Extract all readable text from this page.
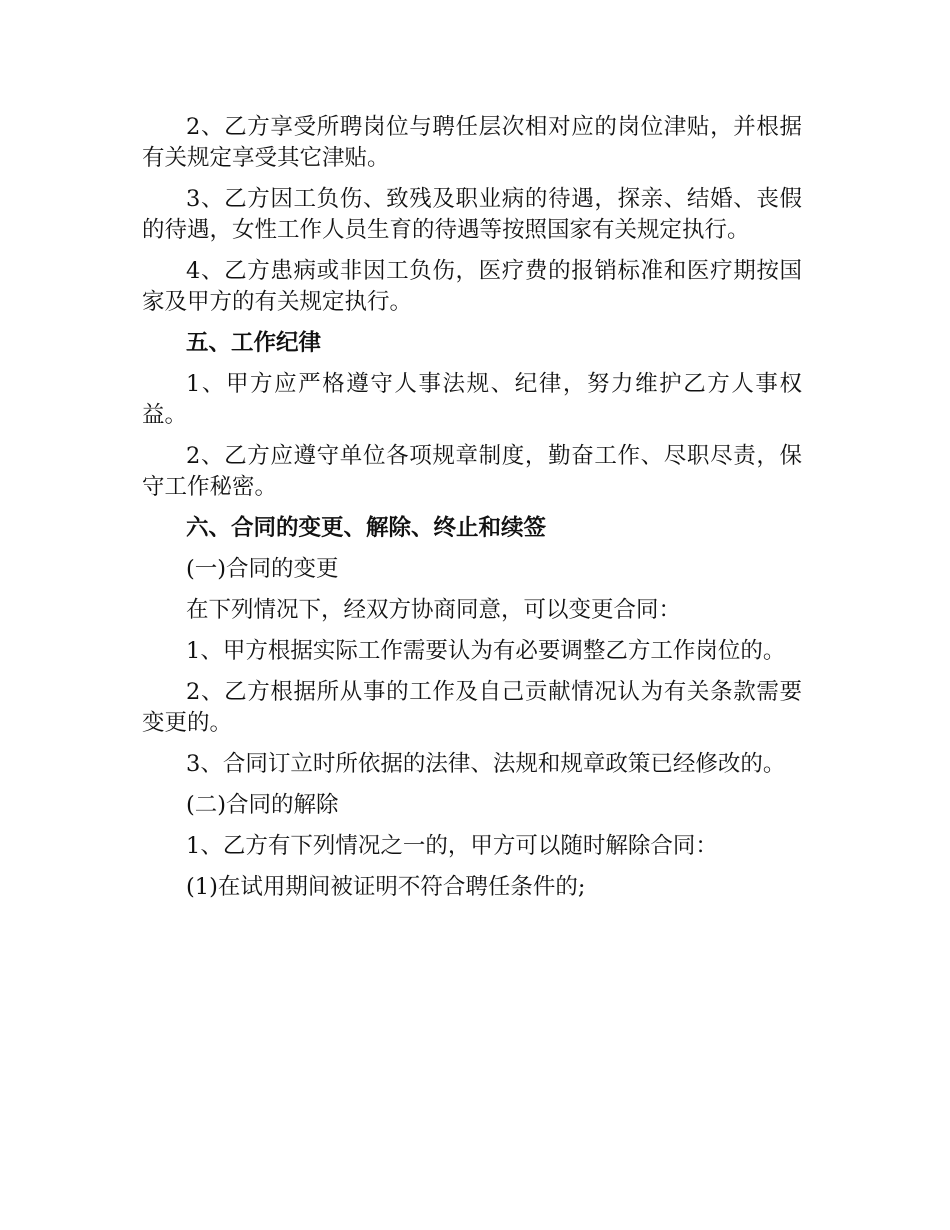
2、乙方享受所聘岗位与聘任层次相对应的岗位津贴，并根据有关规定享受其它津贴。

3、乙方因工负伤、致残及职业病的待遇，探亲、结婚、丧假的待遇，女性工作人员生育的待遇等按照国家有关规定执行。

4、乙方患病或非因工负伤，医疗费的报销标准和医疗期按国家及甲方的有关规定执行。

五、工作纪律

1、甲方应严格遵守人事法规、纪律，努力维护乙方人事权益。

2、乙方应遵守单位各项规章制度，勤奋工作、尽职尽责，保守工作秘密。

六、合同的变更、解除、终止和续签

(一)合同的变更

在下列情况下，经双方协商同意，可以变更合同：

1、甲方根据实际工作需要认为有必要调整乙方工作岗位的。

2、乙方根据所从事的工作及自己贡献情况认为有关条款需要变更的。

3、合同订立时所依据的法律、法规和规章政策已经修改的。

(二)合同的解除

1、乙方有下列情况之一的，甲方可以随时解除合同：

(1)在试用期间被证明不符合聘任条件的;
